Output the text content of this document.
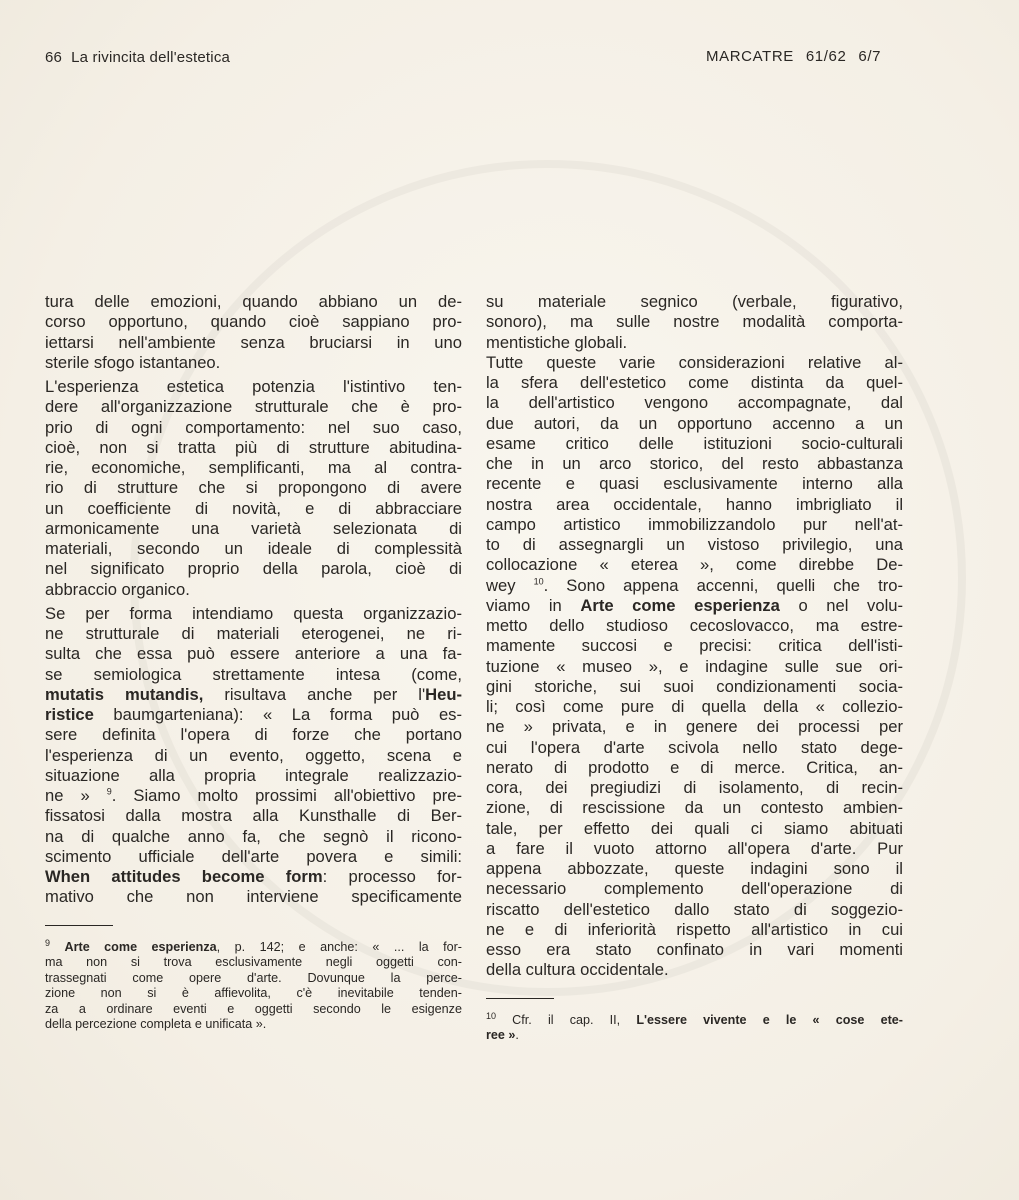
66 La rivincita dell'estetica	MARCATRE 61/62 6/7
tura delle emozioni, quando abbiano un de-
corso opportuno, quando cioè sappiano pro-
iettarsi nell'ambiente senza bruciarsi in uno
sterile sfogo istantaneo.
L'esperienza estetica potenzia l'istintivo ten-
dere all'organizzazione strutturale che è pro-
prio di ogni comportamento: nel suo caso,
cioè, non si tratta più di strutture abitudina-
rie, economiche, semplificanti, ma al contra-
rio di strutture che si propongono di avere
un coefficiente di novità, e di abbracciare
armonicamente una varietà selezionata di
materiali, secondo un ideale di complessità
nel significato proprio della parola, cioè di
abbraccio organico.
Se per forma intendiamo questa organizzazio-
ne strutturale di materiali eterogenei, ne ri-
sulta che essa può essere anteriore a una fa-
se semiologica strettamente intesa (come,
mutatis mutandis, risultava anche per l'Heu-
ristice baumgarteniana): « La forma può es-
sere definita l'opera di forze che portano
l'esperienza di un evento, oggetto, scena e
situazione alla propria integrale realizzazio-
ne » $^9$. Siamo molto prossimi all'obiettivo pre-
fissatosi dalla mostra alla Kunsthalle di Ber-
na di qualche anno fa, che segnò il ricono-
scimento ufficiale dell'arte povera e simili:
When attitudes become form: processo for-
mativo che non interviene specificamente
$^9$ Arte come esperienza, p. 142; e anche: « ... la for-
ma non si trova esclusivamente negli oggetti con-
trassegnati come opere d'arte. Dovunque la perce-
zione non si è affievolita, c'è inevitabile tenden-
za a ordinare eventi e oggetti secondo le esigenze
della percezione completa e unificata ».
su materiale segnico (verbale, figurativo,
sonoro), ma sulle nostre modalità comporta-
mentistiche globali.
Tutte queste varie considerazioni relative al-
la sfera dell'estetico come distinta da quel-
la dell'artistico vengono accompagnate, dal
due autori, da un opportuno accenno a un
esame critico delle istituzioni socio-culturali
che in un arco storico, del resto abbastanza
recente e quasi esclusivamente interno alla
nostra area occidentale, hanno imbrigliato il
campo artistico immobilizzandolo pur nell'at-
to di assegnargli un vistoso privilegio, una
collocazione « eterea », come direbbe De-
wey $^{10}$. Sono appena accenni, quelli che tro-
viamo in Arte come esperienza o nel volu-
metto dello studioso cecoslovacco, ma estre-
mamente succosi e precisi: critica dell'isti-
tuzione « museo », e indagine sulle sue ori-
gini storiche, sui suoi condizionamenti socia-
li; così come pure di quella della « collezio-
ne » privata, e in genere dei processi per
cui l'opera d'arte scivola nello stato dege-
nerato di prodotto e di merce. Critica, an-
cora, dei pregiudizi di isolamento, di recin-
zione, di rescissione da un contesto ambien-
tale, per effetto dei quali ci siamo abituati
a fare il vuoto attorno all'opera d'arte. Pur
appena abbozzate, queste indagini sono il
necessario complemento dell'operazione di
riscatto dell'estetico dallo stato di soggezio-
ne e di inferiorità rispetto all'artistico in cui
esso era stato confinato in vari momenti
della cultura occidentale.
$^{10}$ Cfr. il cap. II, L'essere vivente e le « cose ete-
ree ».
